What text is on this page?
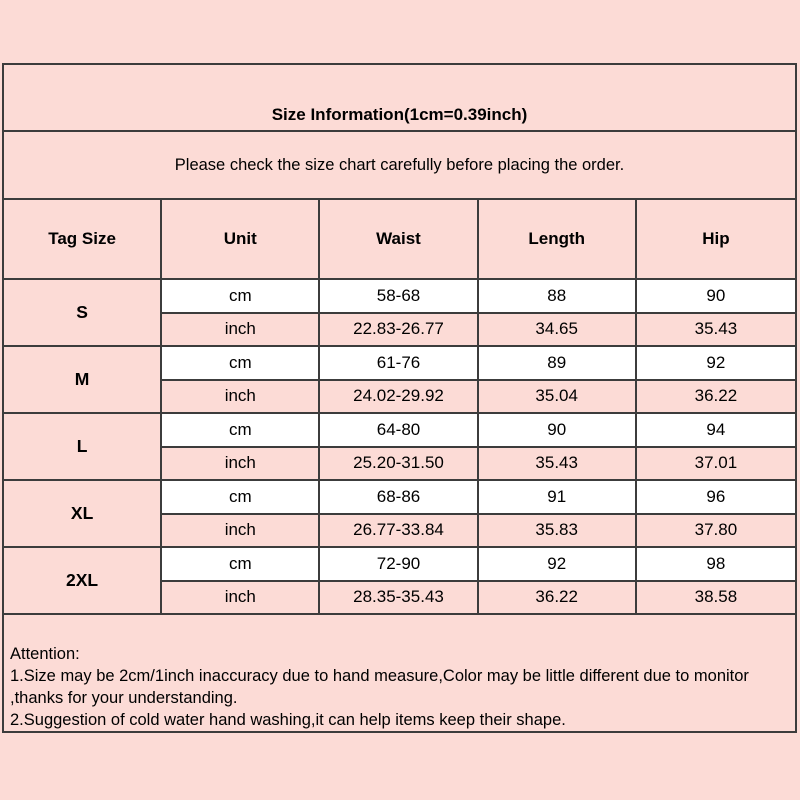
Size Information(1cm=0.39inch)
Please check the size chart carefully before placing the order.
Tag Size	Unit	Waist	Length	Hip
S
cm	58-68	88	90
inch	22.83-26.77	34.65	35.43
M
cm	61-76	89	92
inch	24.02-29.92	35.04	36.22
L
cm	64-80	90	94
inch	25.20-31.50	35.43	37.01
XL
cm	68-86	91	96
inch	26.77-33.84	35.83	37.80
2XL
cm	72-90	92	98
inch	28.35-35.43	36.22	38.58
Attention:
1.Size may be 2cm/1inch inaccuracy due to hand measure,Color may be little different due to monitor
,thanks for your understanding.
2.Suggestion of cold water hand washing,it can help items keep their shape.
